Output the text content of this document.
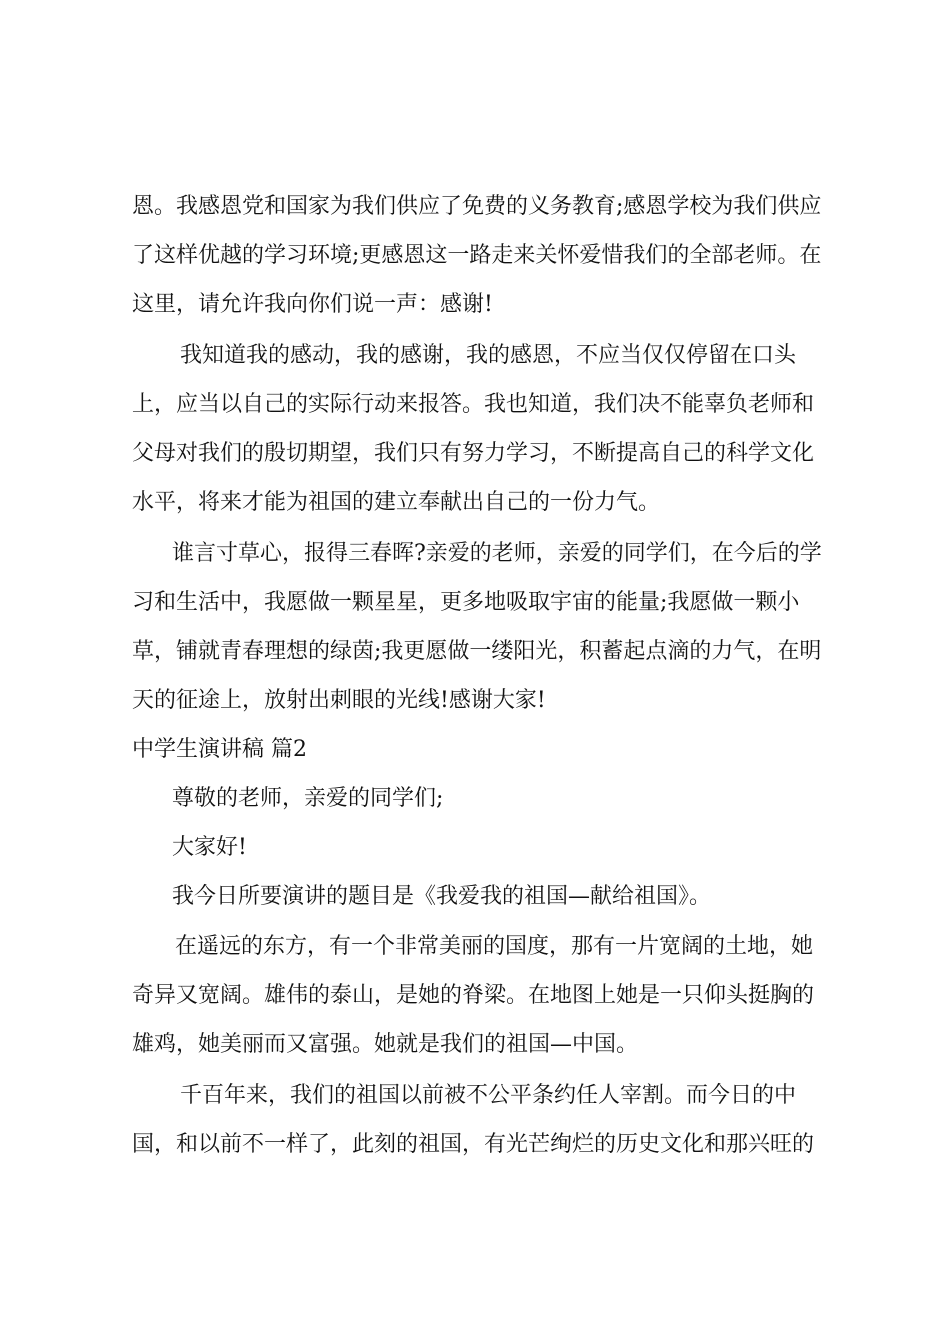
恩。我感恩党和国家为我们供应了免费的义务教育;感恩学校为我们供应

了这样优越的学习环境;更感恩这一路走来关怀爱惜我们的全部老师。在

这里，请允许我向你们说一声：感谢!

我知道我的感动，我的感谢，我的感恩，不应当仅仅停留在口头

上，应当以自己的实际行动来报答。我也知道，我们决不能辜负老师和

父母对我们的殷切期望，我们只有努力学习，不断提高自己的科学文化

水平，将来才能为祖国的建立奉献出自己的一份力气。

谁言寸草心，报得三春晖?亲爱的老师，亲爱的同学们，在今后的学

习和生活中，我愿做一颗星星，更多地吸取宇宙的能量;我愿做一颗小

草，铺就青春理想的绿茵;我更愿做一缕阳光，积蓄起点滴的力气，在明

天的征途上，放射出刺眼的光线!感谢大家!

中学生演讲稿 篇2

尊敬的老师，亲爱的同学们;

大家好!

我今日所要演讲的题目是《我爱我的祖国—献给祖国》。

在遥远的东方，有一个非常美丽的国度，那有一片宽阔的土地，她

奇异又宽阔。雄伟的泰山，是她的脊梁。在地图上她是一只仰头挺胸的

雄鸡，她美丽而又富强。她就是我们的祖国—中国。

千百年来，我们的祖国以前被不公平条约任人宰割。而今日的中

国，和以前不一样了，此刻的祖国，有光芒绚烂的历史文化和那兴旺的
